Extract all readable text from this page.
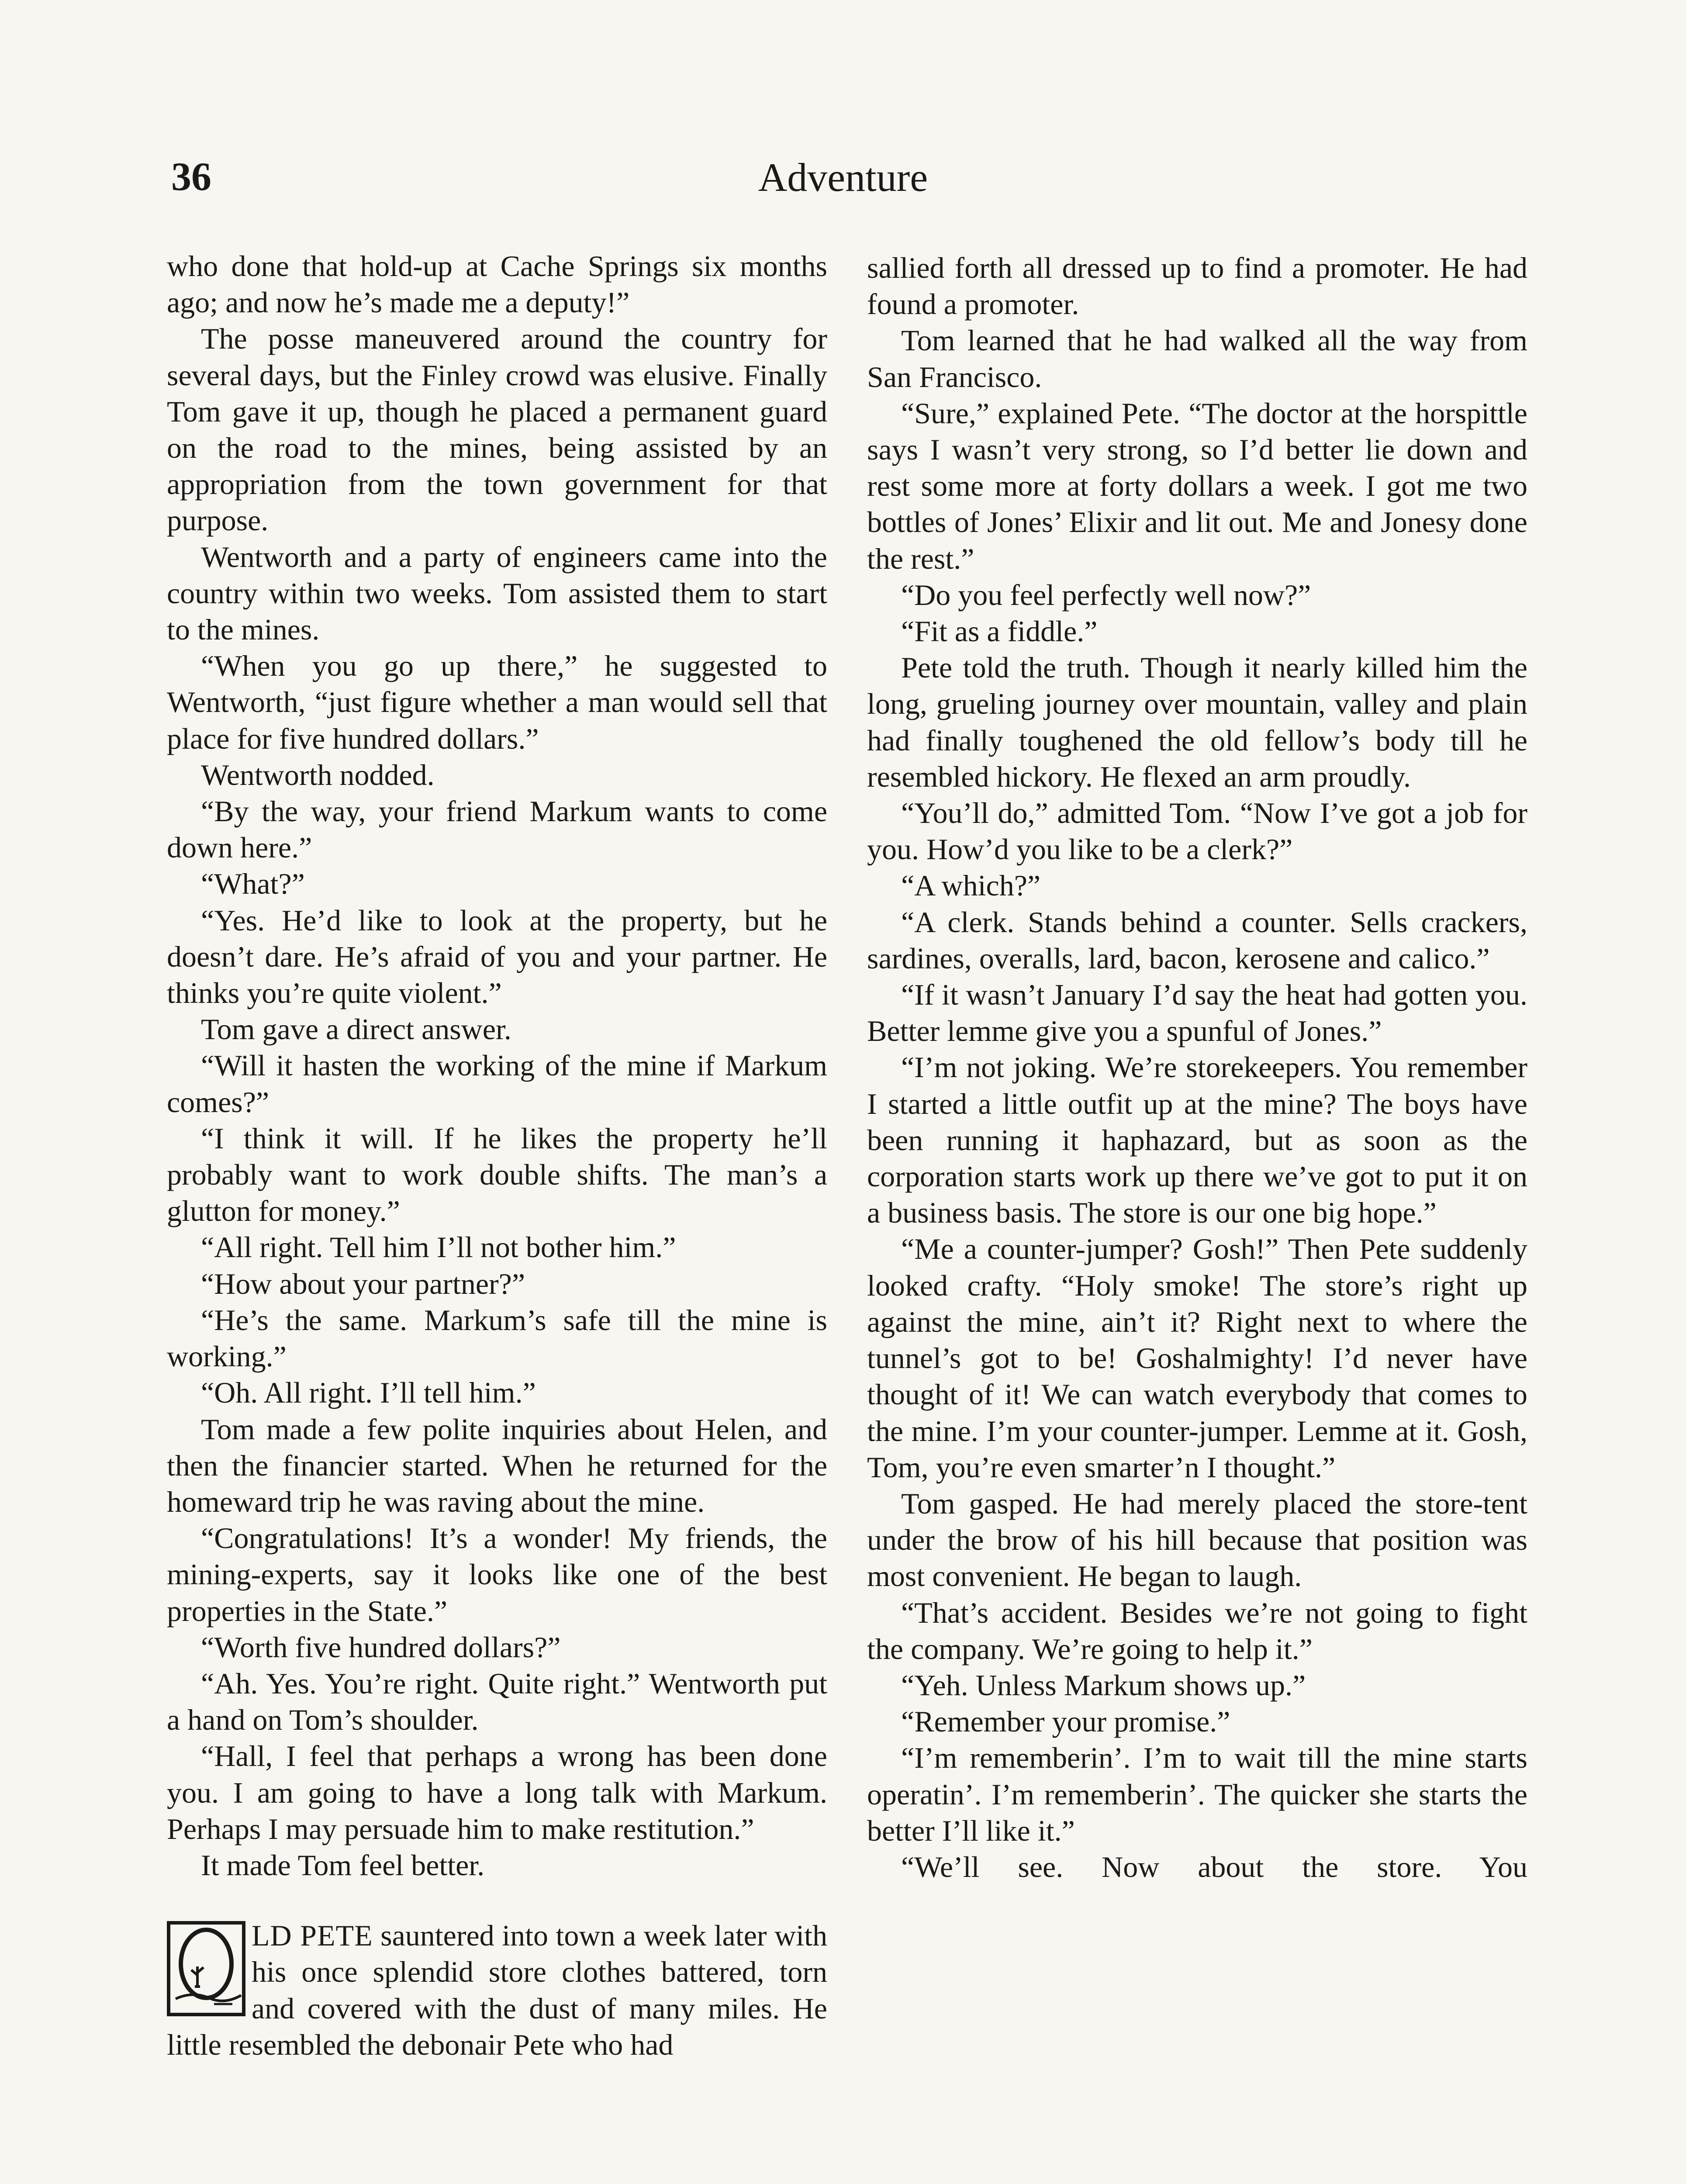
36	Adventure

who done that hold-up at Cache Springs six months ago; and now he’s made me a deputy!”

The posse maneuvered around the country for several days, but the Finley crowd was elusive. Finally Tom gave it up, though he placed a permanent guard on the road to the mines, being assisted by an appropriation from the town government for that purpose.

Wentworth and a party of engineers came into the country within two weeks. Tom assisted them to start to the mines.

“When you go up there,” he suggested to Wentworth, “just figure whether a man would sell that place for five hundred dollars.”

Wentworth nodded.

“By the way, your friend Markum wants to come down here.”

“What?”

“Yes. He’d like to look at the property, but he doesn’t dare. He’s afraid of you and your partner. He thinks you’re quite violent.”

Tom gave a direct answer.

“Will it hasten the working of the mine if Markum comes?”

“I think it will. If he likes the property he’ll probably want to work double shifts. The man’s a glutton for money.”

“All right. Tell him I’ll not bother him.”

“How about your partner?”

“He’s the same. Markum’s safe till the mine is working.”

“Oh. All right. I’ll tell him.”

Tom made a few polite inquiries about Helen, and then the financier started. When he returned for the homeward trip he was raving about the mine.

“Congratulations! It’s a wonder! My friends, the mining-experts, say it looks like one of the best properties in the State.”

“Worth five hundred dollars?”

“Ah. Yes. You’re right. Quite right.” Wentworth put a hand on Tom’s shoulder.

“Hall, I feel that perhaps a wrong has been done you. I am going to have a long talk with Markum. Perhaps I may persuade him to make restitution.”

It made Tom feel better.

LD PETE sauntered into town a week later with his once splendid store clothes battered, torn and covered with the dust of many miles. He little resembled the debonair Pete who had

sallied forth all dressed up to find a promoter. He had found a promoter.

Tom learned that he had walked all the way from San Francisco.

“Sure,” explained Pete. “The doctor at the horspittle says I wasn’t very strong, so I’d better lie down and rest some more at forty dollars a week. I got me two bottles of Jones’ Elixir and lit out. Me and Jonesy done the rest.”

“Do you feel perfectly well now?”

“Fit as a fiddle.”

Pete told the truth. Though it nearly killed him the long, grueling journey over mountain, valley and plain had finally toughened the old fellow’s body till he resembled hickory. He flexed an arm proudly.

“You’ll do,” admitted Tom. “Now I’ve got a job for you. How’d you like to be a clerk?”

“A which?”

“A clerk. Stands behind a counter. Sells crackers, sardines, overalls, lard, bacon, kerosene and calico.”

“If it wasn’t January I’d say the heat had gotten you. Better lemme give you a spunful of Jones.”

“I’m not joking. We’re storekeepers. You remember I started a little outfit up at the mine? The boys have been running it haphazard, but as soon as the corporation starts work up there we’ve got to put it on a business basis. The store is our one big hope.”

“Me a counter-jumper? Gosh!” Then Pete suddenly looked crafty. “Holy smoke! The store’s right up against the mine, ain’t it? Right next to where the tunnel’s got to be! Goshalmighty! I’d never have thought of it! We can watch everybody that comes to the mine. I’m your counter-jumper. Lemme at it. Gosh, Tom, you’re even smarter’n I thought.”

Tom gasped. He had merely placed the store-tent under the brow of his hill because that position was most convenient. He began to laugh.

“That’s accident. Besides we’re not going to fight the company. We’re going to help it.”

“Yeh. Unless Markum shows up.”

“Remember your promise.”

“I’m rememberin’. I’m to wait till the mine starts operatin’. I’m rememberin’. The quicker she starts the better I’ll like it.”

“We’ll see. Now about the store. You
